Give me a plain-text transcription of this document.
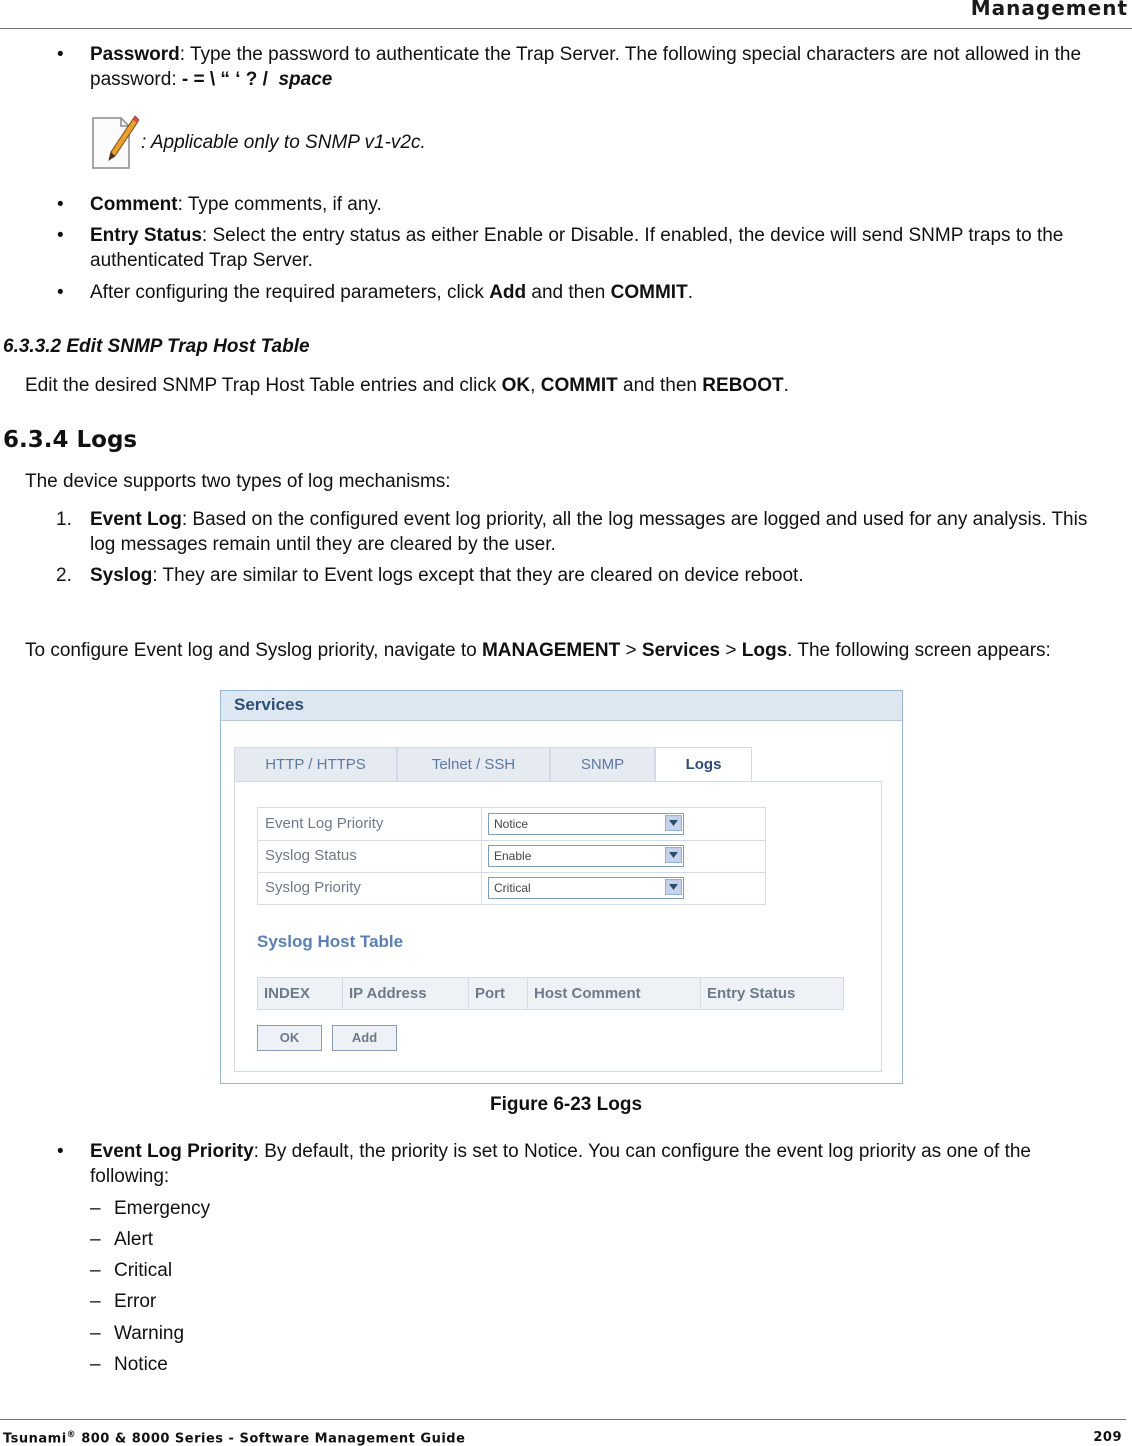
Management
•	Password: Type the password to authenticate the Trap Server. The following special characters are not allowed in the
password: - = \ “ ‘ ? / space
: Applicable only to SNMP v1-v2c.
•	Comment: Type comments, if any.
•	Entry Status: Select the entry status as either Enable or Disable. If enabled, the device will send SNMP traps to the
authenticated Trap Server.
•	After configuring the required parameters, click Add and then COMMIT.
6.3.3.2 Edit SNMP Trap Host Table
Edit the desired SNMP Trap Host Table entries and click OK, COMMIT and then REBOOT.
6.3.4 Logs
The device supports two types of log mechanisms:
1. Event Log: Based on the configured event log priority, all the log messages are logged and used for any analysis. This
log messages remain until they are cleared by the user.
2. Syslog: They are similar to Event logs except that they are cleared on device reboot.
To configure Event log and Syslog priority, navigate to MANAGEMENT > Services > Logs. The following screen appears:
Services
HTTP / HTTPS	Telnet / SSH	SNMP	Logs
Event Log Priority	Notice
Syslog Status	Enable
Syslog Priority	Critical
Syslog Host Table
INDEX	IP Address	Port	Host Comment	Entry Status
OK	Add
Figure 6-23 Logs
•	Event Log Priority: By default, the priority is set to Notice. You can configure the event log priority as one of the
following:
– Emergency
– Alert
– Critical
– Error
– Warning
– Notice
Tsunami® 800 & 8000 Series - Software Management Guide	209
